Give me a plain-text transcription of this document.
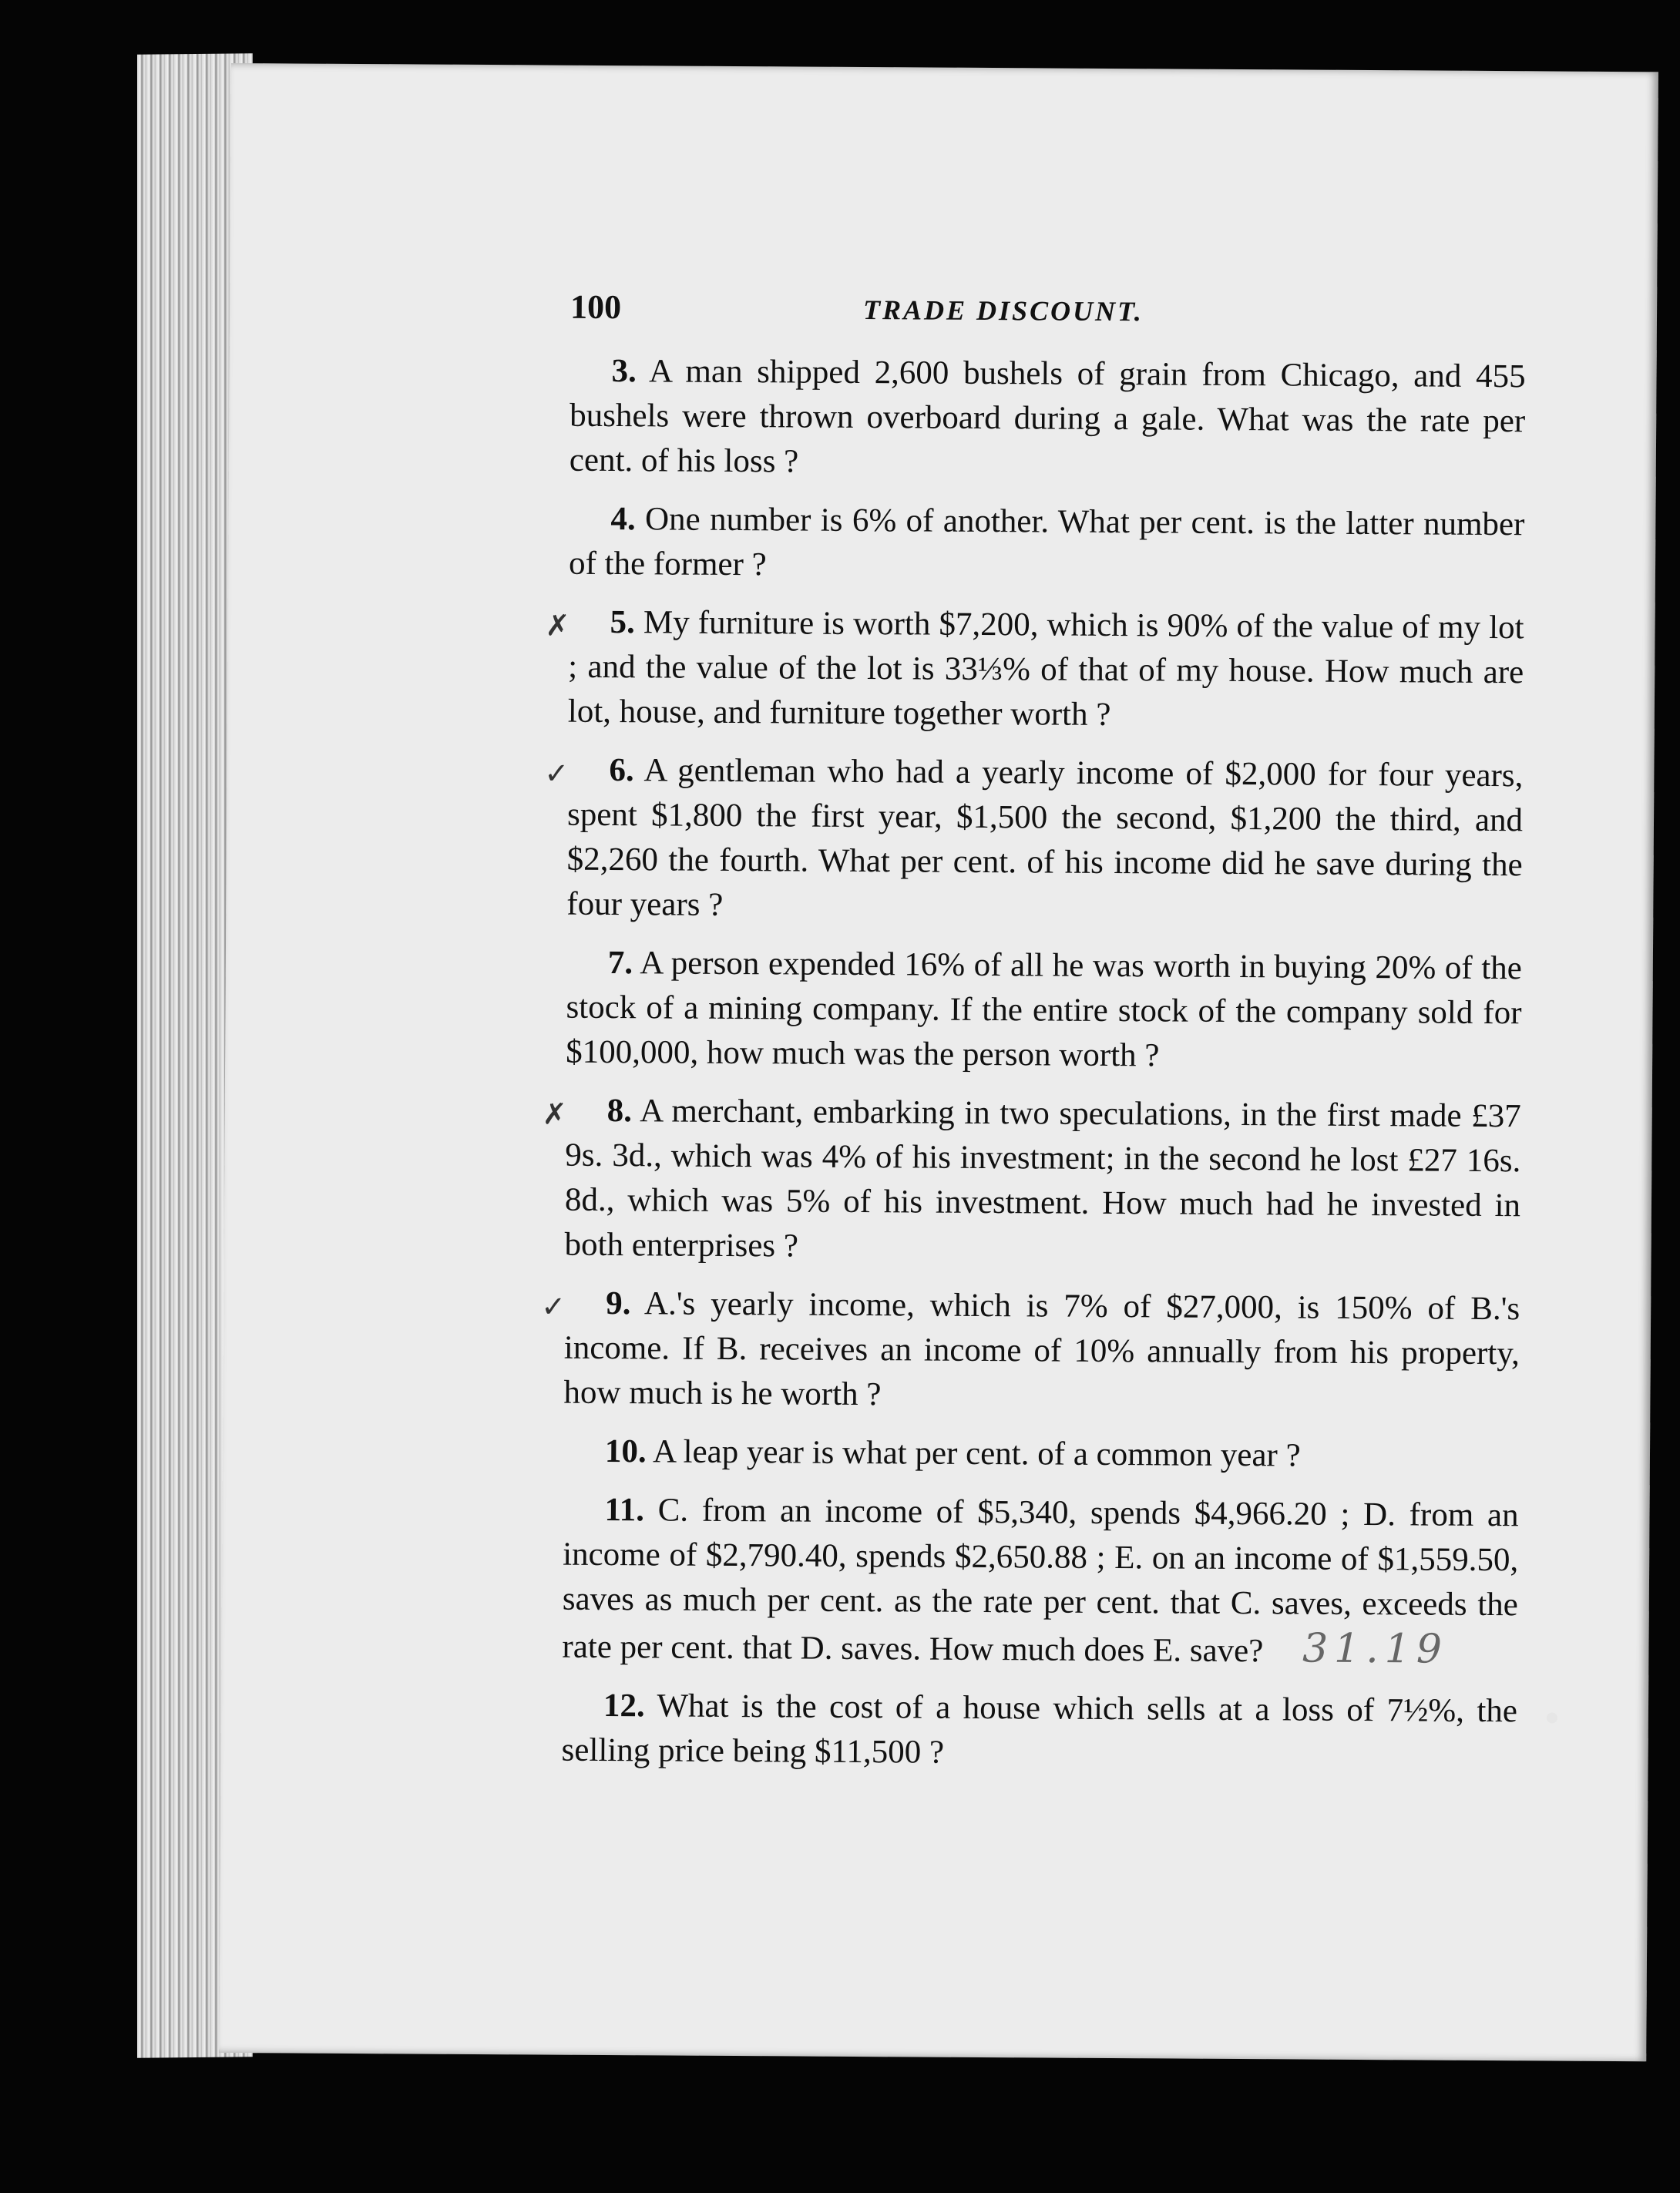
100	TRADE DISCOUNT.
3. A man shipped 2,600 bushels of grain from Chicago, and 455 bushels were thrown overboard during a gale. What was the rate per cent. of his loss ?
4. One number is 6% of another. What per cent. is the latter number of the former ?
✗ 5. My furniture is worth $7,200, which is 90% of the value of my lot ; and the value of the lot is 33⅓% of that of my house. How much are lot, house, and furniture together worth ?
✓ 6. A gentleman who had a yearly income of $2,000 for four years, spent $1,800 the first year, $1,500 the second, $1,200 the third, and $2,260 the fourth. What per cent. of his income did he save during the four years ?
7. A person expended 16% of all he was worth in buying 20% of the stock of a mining company. If the entire stock of the company sold for $100,000, how much was the person worth ?
✗ 8. A merchant, embarking in two speculations, in the first made £37 9s. 3d., which was 4% of his investment; in the second he lost £27 16s. 8d., which was 5% of his investment. How much had he invested in both enterprises ?
✓ 9. A.'s yearly income, which is 7% of $27,000, is 150% of B.'s income. If B. receives an income of 10% annually from his property, how much is he worth ?
10. A leap year is what per cent. of a common year ?
11. C. from an income of $5,340, spends $4,966.20 ; D. from an income of $2,790.40, spends $2,650.88 ; E. on an income of $1,559.50, saves as much per cent. as the rate per cent. that C. saves, exceeds the rate per cent. that D. saves. How much does E. save? 31.19
12. What is the cost of a house which sells at a loss of 7½%, the selling price being $11,500 ?
